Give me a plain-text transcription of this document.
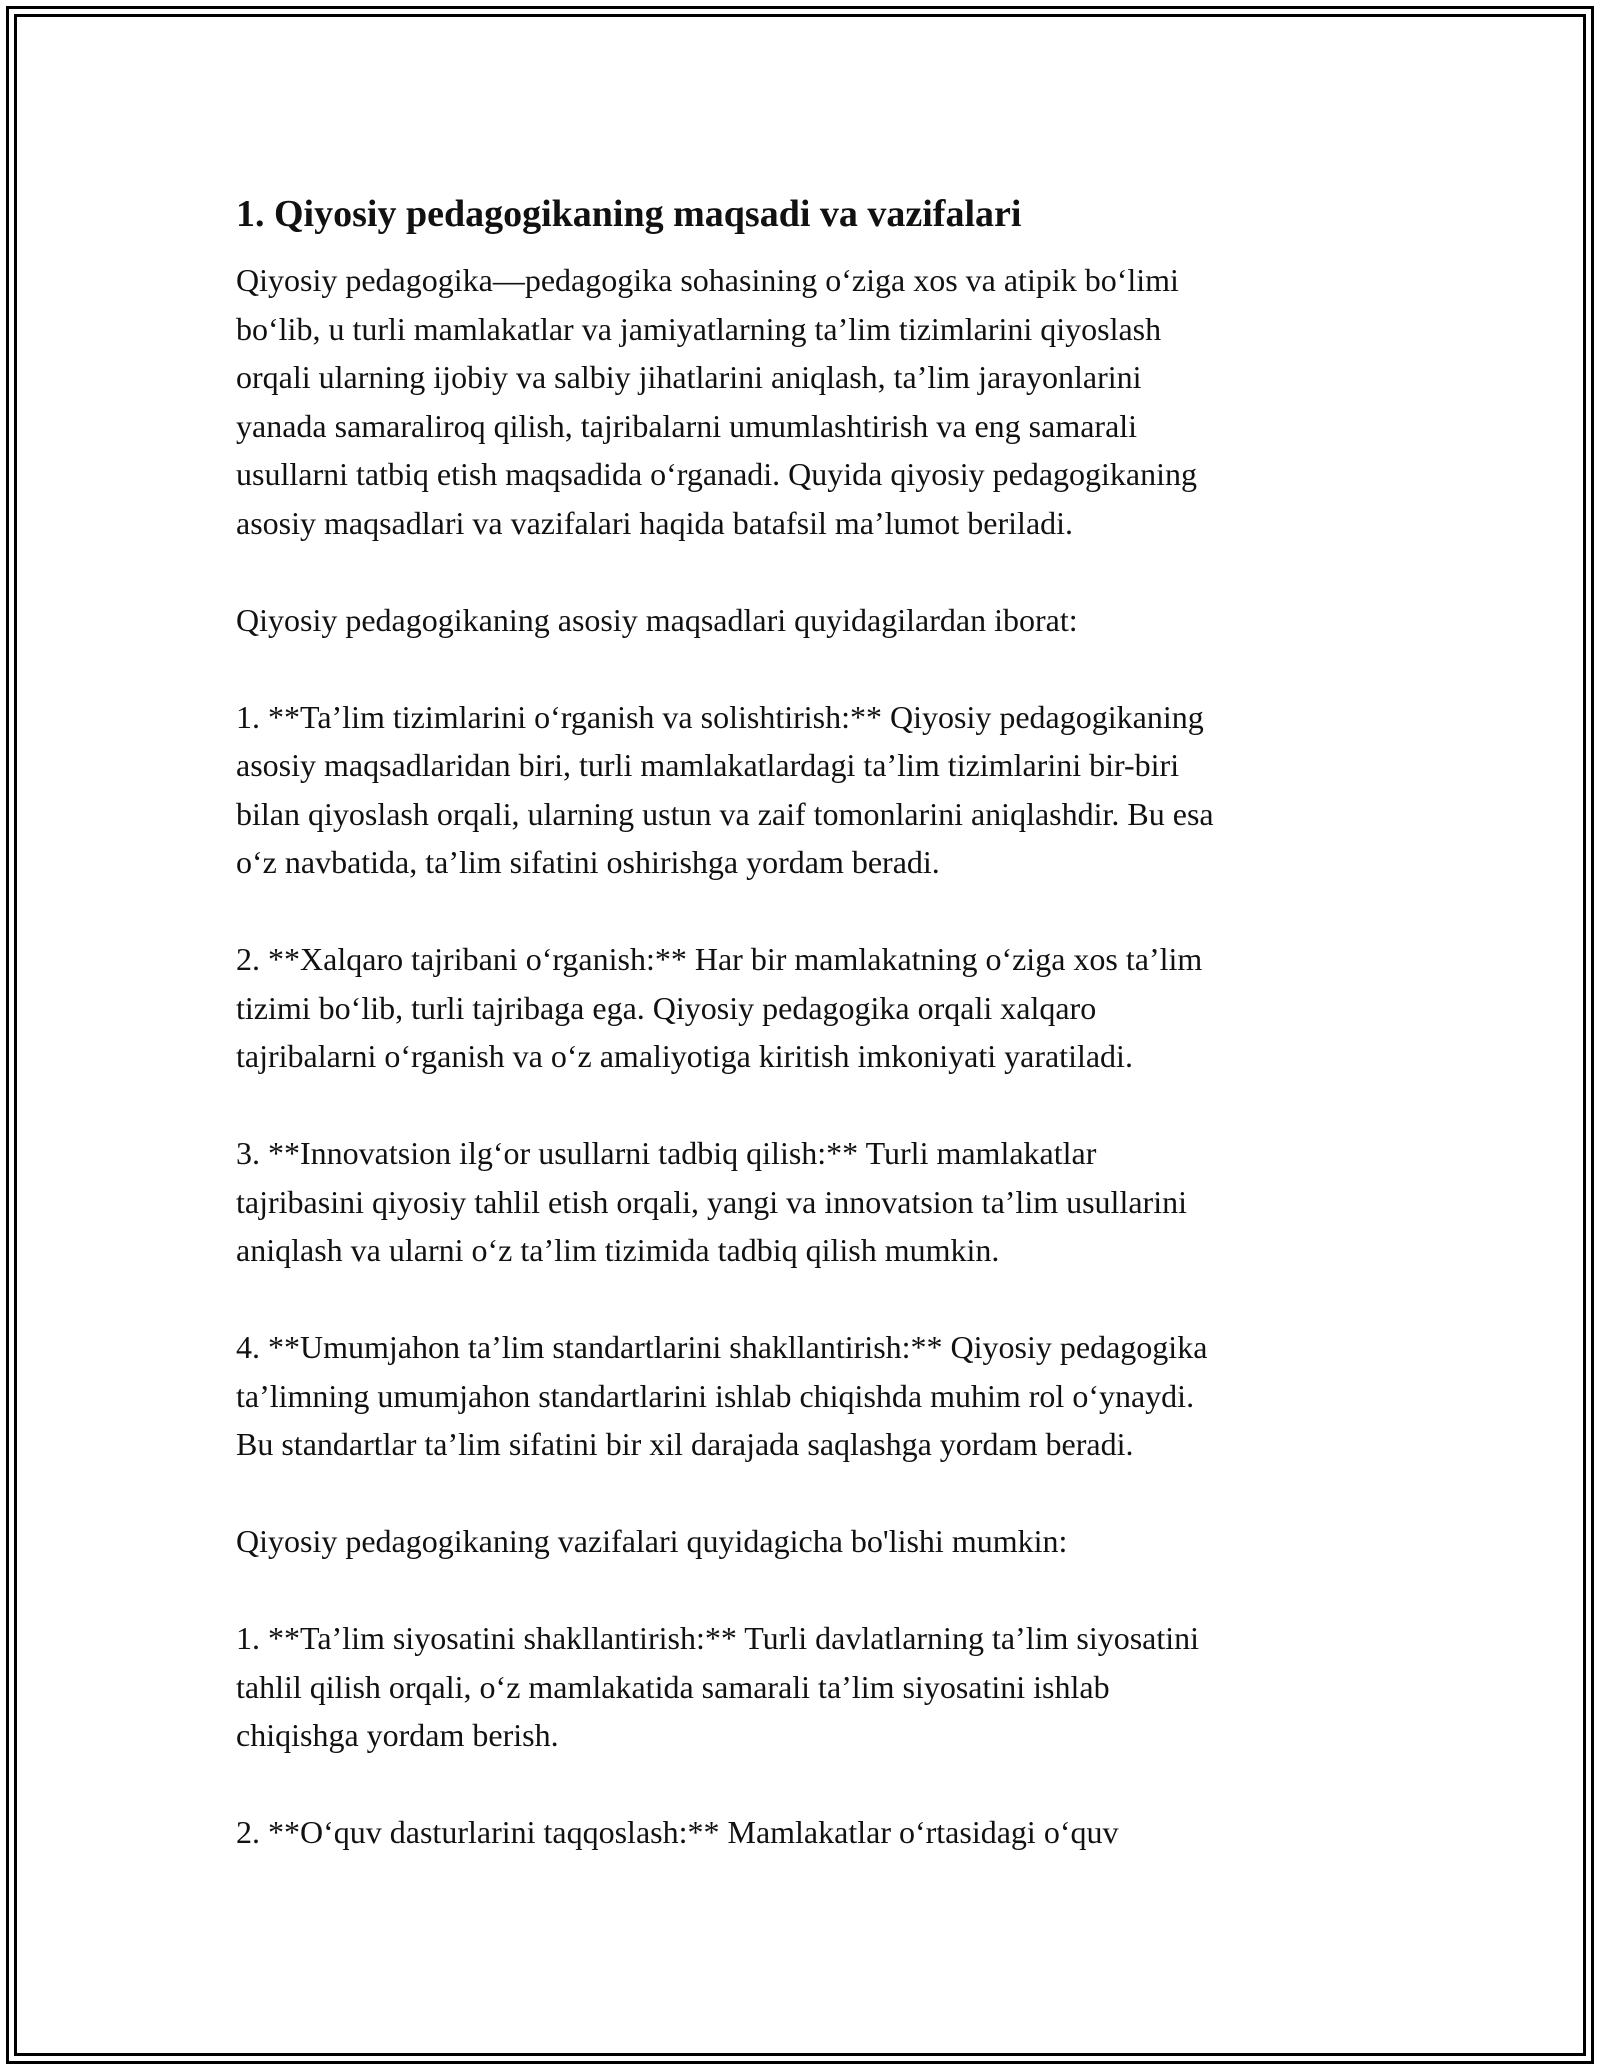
1. Qiyosiy pedagogikaning maqsadi va vazifalari

Qiyosiy pedagogika—pedagogika sohasining o‘ziga xos va atipik bo‘limi
bo‘lib, u turli mamlakatlar va jamiyatlarning ta’lim tizimlarini qiyoslash
orqali ularning ijobiy va salbiy jihatlarini aniqlash, ta’lim jarayonlarini
yanada samaraliroq qilish, tajribalarni umumlashtirish va eng samarali
usullarni tatbiq etish maqsadida o‘rganadi. Quyida qiyosiy pedagogikaning
asosiy maqsadlari va vazifalari haqida batafsil ma’lumot beriladi.

Qiyosiy pedagogikaning asosiy maqsadlari quyidagilardan iborat:

1. **Ta’lim tizimlarini o‘rganish va solishtirish:** Qiyosiy pedagogikaning
asosiy maqsadlaridan biri, turli mamlakatlardagi ta’lim tizimlarini bir-biri
bilan qiyoslash orqali, ularning ustun va zaif tomonlarini aniqlashdir. Bu esa
o‘z navbatida, ta’lim sifatini oshirishga yordam beradi.

2. **Xalqaro tajribani o‘rganish:** Har bir mamlakatning o‘ziga xos ta’lim
tizimi bo‘lib, turli tajribaga ega. Qiyosiy pedagogika orqali xalqaro
tajribalarni o‘rganish va o‘z amaliyotiga kiritish imkoniyati yaratiladi.

3. **Innovatsion ilg‘or usullarni tadbiq qilish:** Turli mamlakatlar
tajribasini qiyosiy tahlil etish orqali, yangi va innovatsion ta’lim usullarini
aniqlash va ularni o‘z ta’lim tizimida tadbiq qilish mumkin.

4. **Umumjahon ta’lim standartlarini shakllantirish:** Qiyosiy pedagogika
ta’limning umumjahon standartlarini ishlab chiqishda muhim rol o‘ynaydi.
Bu standartlar ta’lim sifatini bir xil darajada saqlashga yordam beradi.

Qiyosiy pedagogikaning vazifalari quyidagicha bo'lishi mumkin:

1. **Ta’lim siyosatini shakllantirish:** Turli davlatlarning ta’lim siyosatini
tahlil qilish orqali, o‘z mamlakatida samarali ta’lim siyosatini ishlab
chiqishga yordam berish.

2. **O‘quv dasturlarini taqqoslash:** Mamlakatlar o‘rtasidagi o‘quv
